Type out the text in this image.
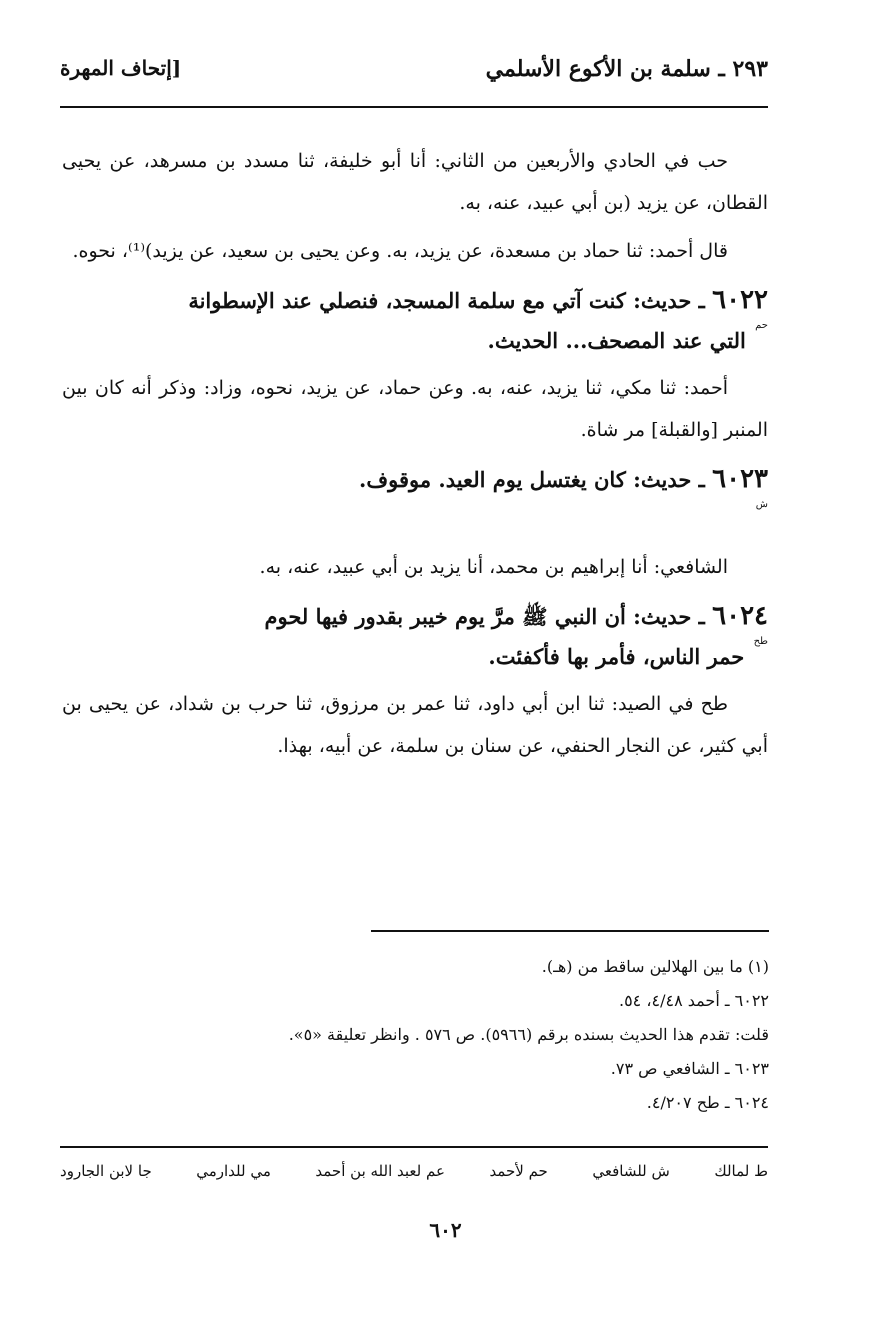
٢٩٣ ـ سلمة بن الأكوع الأسلمي
[إتحاف المهرة

حب في الحادي والأربعين من الثاني: أنا أبو خليفة، ثنا مسدد بن مسرهد، عن يحيى القطان، عن يزيد (بن أبي عبيد، عنه، به.

قال أحمد: ثنا حماد بن مسعدة، عن يزيد، به. وعن يحيى بن سعيد، عن يزيد)⁽¹⁾، نحوه.

٦٠٢٢ ـ حديث: كنت آتي مع سلمة المسجد، فنصلي عند الإسطوانة
حم التي عند المصحف... الحديث.

أحمد: ثنا مكي، ثنا يزيد، عنه، به. وعن حماد، عن يزيد، نحوه، وزاد: وذكر أنه كان بين المنبر [والقبلة] مر شاة.

٦٠٢٣ ـ حديث: كان يغتسل يوم العيد. موقوف.
ش

الشافعي: أنا إبراهيم بن محمد، أنا يزيد بن أبي عبيد، عنه، به.

٦٠٢٤ ـ حديث: أن النبي ﷺ مرَّ يوم خيبر بقدور فيها لحوم
طح حمر الناس، فأمر بها فأكفئت.

طح في الصيد: ثنا ابن أبي داود، ثنا عمر بن مرزوق، ثنا حرب بن شداد، عن يحيى بن أبي كثير، عن النجار الحنفي، عن سنان بن سلمة، عن أبيه، بهذا.

(١) ما بين الهلالين ساقط من (هـ).

٦٠٢٢ ـ أحمد ٤/٤٨، ٥٤.

قلت: تقدم هذا الحديث بسنده برقم (٥٩٦٦). ص ٥٧٦ . وانظر تعليقة «٥».

٦٠٢٣ ـ الشافعي ص ٧٣.

٦٠٢٤ ـ طح ٤/٢٠٧.

ط لمالك
ش للشافعي
حم لأحمد
عم لعبد الله بن أحمد
مي للدارمي
جا لابن الجارود
٦٠٢
